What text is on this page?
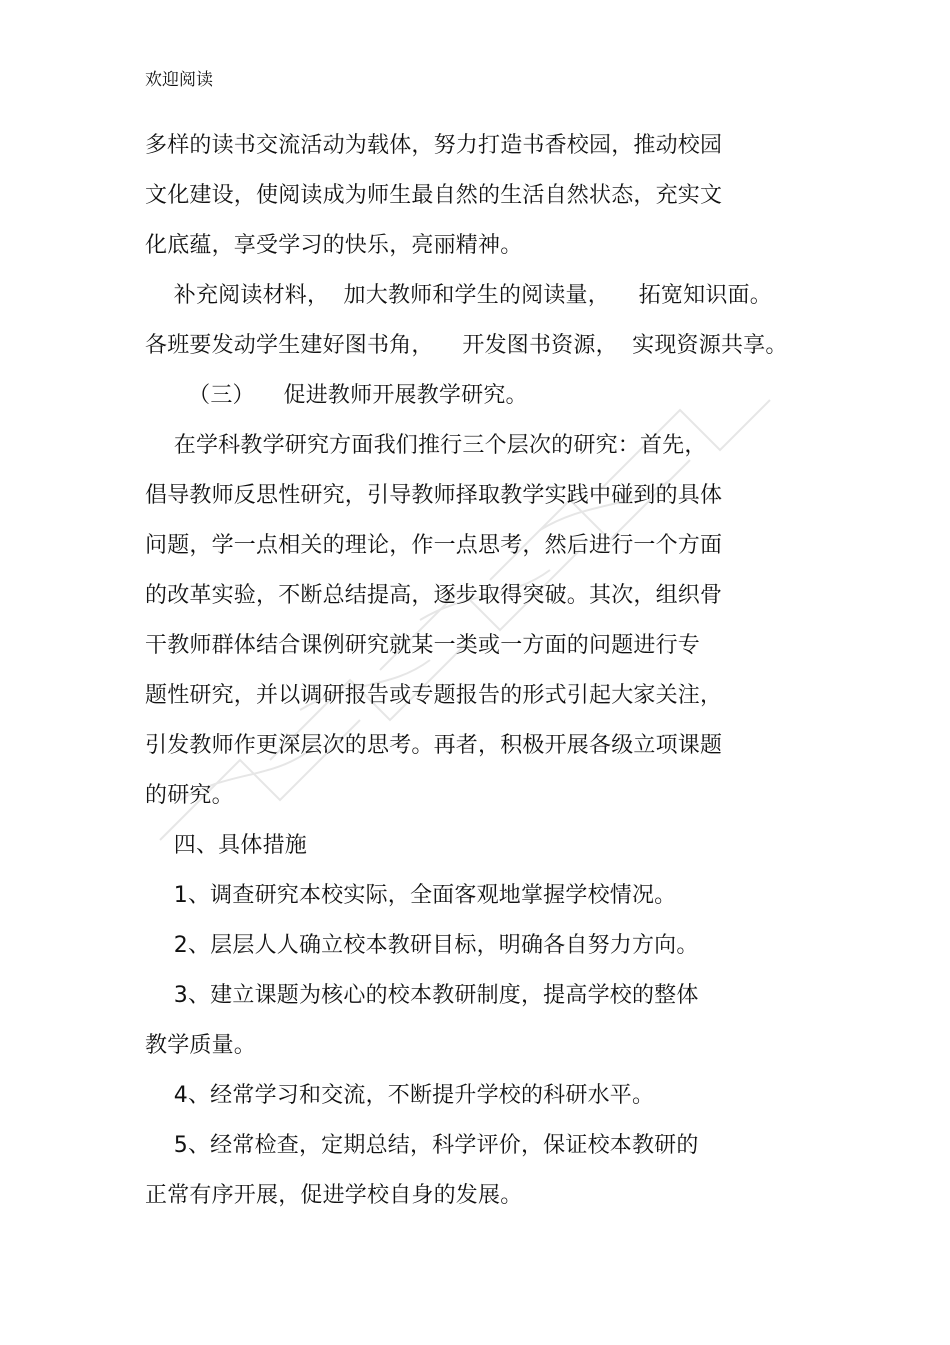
欢迎阅读
多样的读书交流活动为载体，努力打造书香校园，推动校园
文化建设，使阅读成为师生最自然的生活自然状态，充实文
化底蕴，享受学习的快乐，亮丽精神。
补充阅读材料，  加大教师和学生的阅读量，    拓宽知识面。
各班要发动学生建好图书角，    开发图书资源，  实现资源共享。
（三）    促进教师开展教学研究。
在学科教学研究方面我们推行三个层次的研究：首先，
倡导教师反思性研究，引导教师择取教学实践中碰到的具体
问题，学一点相关的理论，作一点思考，然后进行一个方面
的改革实验，不断总结提高，逐步取得突破。其次，组织骨
干教师群体结合课例研究就某一类或一方面的问题进行专
题性研究，并以调研报告或专题报告的形式引起大家关注，
引发教师作更深层次的思考。再者，积极开展各级立项课题
的研究。
四、具体措施
1、调查研究本校实际，全面客观地掌握学校情况。
2、层层人人确立校本教研目标，明确各自努力方向。
3、建立课题为核心的校本教研制度，提高学校的整体
教学质量。
4、经常学习和交流，不断提升学校的科研水平。
5、经常检查，定期总结，科学评价，保证校本教研的
正常有序开展，促进学校自身的发展。
